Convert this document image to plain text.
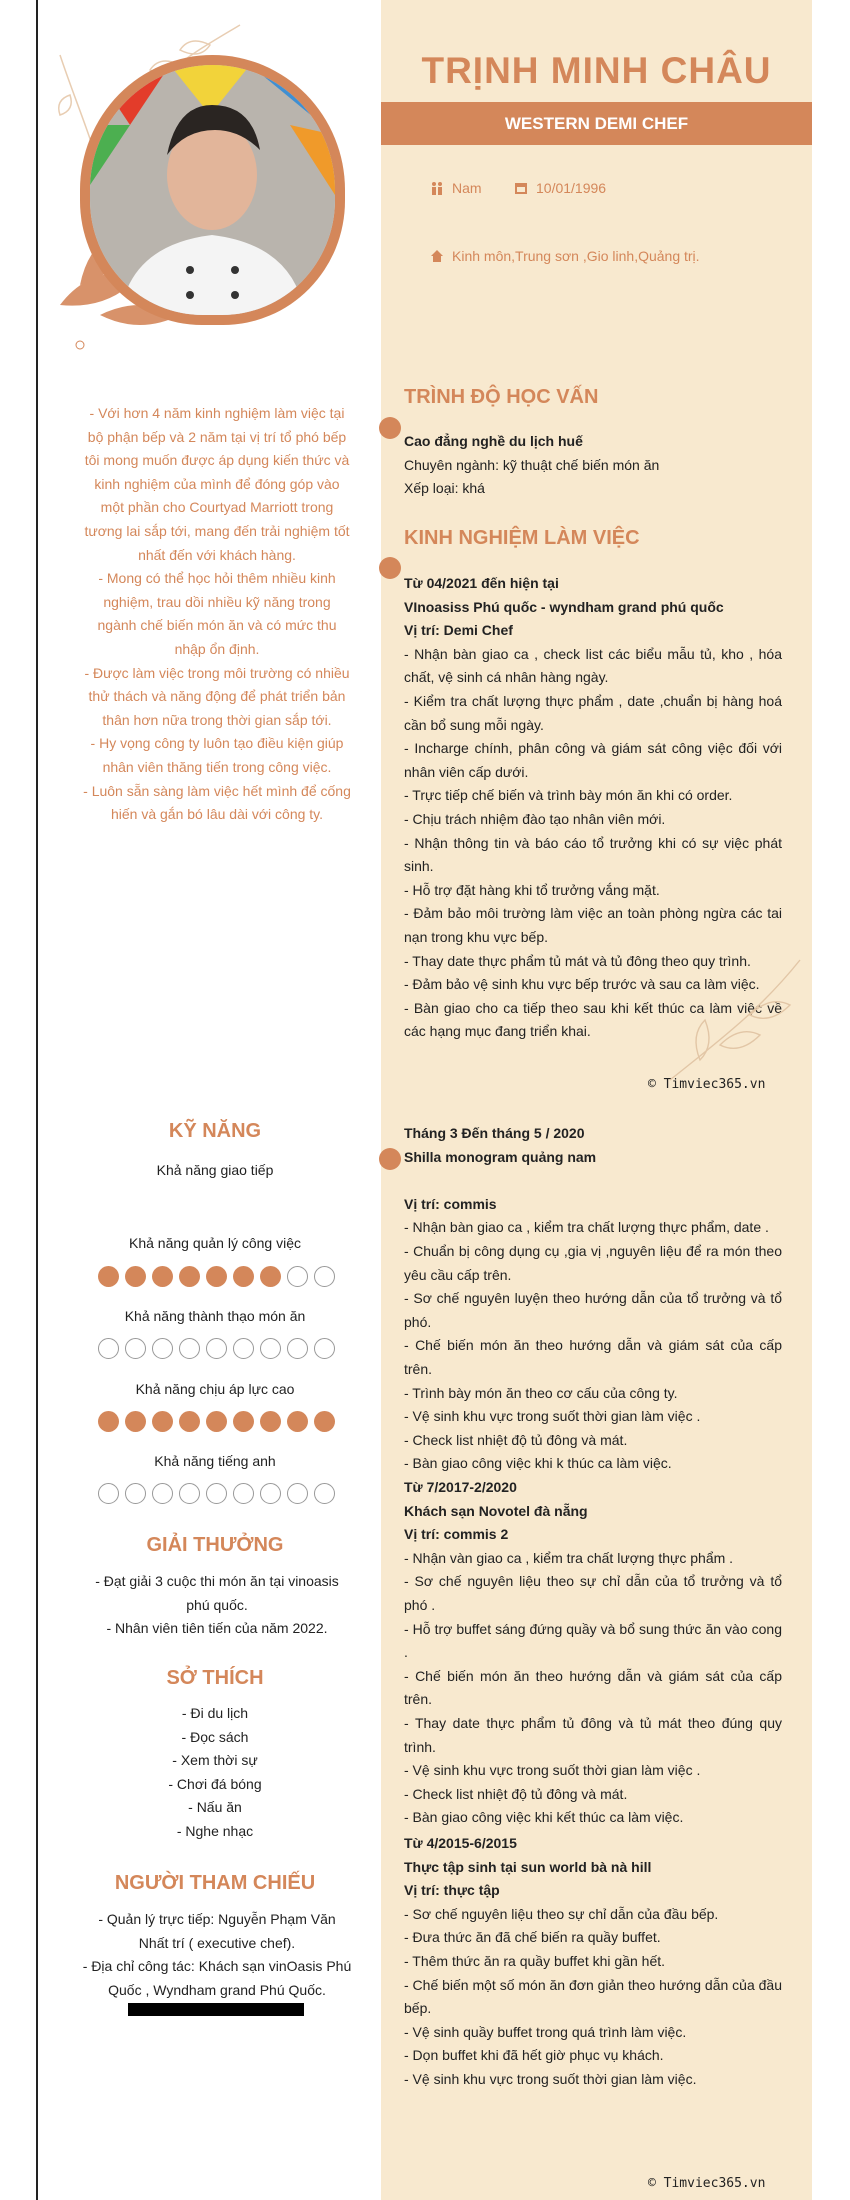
TRỊNH MINH CHÂU
WESTERN DEMI CHEF
Nam	10/01/1996
Kinh môn,Trung sơn ,Gio linh,Quảng trị.
- Với hơn 4 năm kinh nghiệm làm việc tại bộ phận bếp và 2 năm tại vị trí tổ phó bếp tôi mong muốn được áp dụng kiến thức và kinh nghiệm của mình để đóng góp vào một phần cho Courtyad Marriott trong tương lai sắp tới, mang đến trải nghiệm tốt nhất đến với khách hàng.
- Mong có thể học hỏi thêm nhiều kinh nghiệm, trau dồi nhiều kỹ năng trong ngành chế biến món ăn và có mức thu nhập ổn định.
- Được làm việc trong môi trường có nhiều thử thách và năng động để phát triển bản thân hơn nữa trong thời gian sắp tới.
- Hy vọng công ty luôn tạo điều kiện giúp nhân viên thăng tiến trong công việc.
- Luôn sẵn sàng làm việc hết mình để cống hiến và gắn bó lâu dài với công ty.
KỸ NĂNG
Khả năng giao tiếp
Khả năng quản lý công việc
Khả năng thành thạo món ăn
Khả năng chịu áp lực cao
Khả năng tiếng anh
GIẢI THƯỞNG
- Đạt giải 3 cuộc thi món ăn tại vinoasis phú quốc.
- Nhân viên tiên tiến của năm 2022.
SỞ THÍCH
- Đi du lịch
- Đọc sách
- Xem thời sự
- Chơi đá bóng
- Nấu ăn
- Nghe nhạc
NGƯỜI THAM CHIẾU
- Quản lý trực tiếp: Nguyễn Phạm Văn Nhất trí ( executive chef).
- Địa chỉ công tác: Khách sạn vinOasis Phú Quốc , Wyndham grand Phú Quốc.
TRÌNH ĐỘ HỌC VẤN
Cao đẳng nghề du lịch huế
Chuyên ngành: kỹ thuật chế biến món ăn
Xếp loại: khá
KINH NGHIỆM LÀM VIỆC
Từ 04/2021 đến hiện tại
VInoasiss Phú quốc - wyndham grand phú quốc
Vị trí: Demi Chef
- Nhận bàn giao ca , check list các biểu mẫu tủ, kho , hóa chất, vệ sinh cá nhân hàng ngày.
- Kiểm tra chất lượng thực phẩm , date ,chuẩn bị hàng hoá cần bổ sung mỗi ngày.
- Incharge chính, phân công và giám sát công việc đối với nhân viên cấp dưới.
- Trực tiếp chế biến và trình bày món ăn khi có order.
- Chịu trách nhiệm đào tạo nhân viên mới.
- Nhận thông tin và báo cáo tổ trưởng khi có sự việc phát sinh.
- Hỗ trợ đặt hàng khi tổ trưởng vắng mặt.
- Đảm bảo môi trường làm việc an toàn phòng ngừa các tai nạn trong khu vực bếp.
- Thay date thực phẩm tủ mát và tủ đông theo quy trình.
- Đảm bảo vệ sinh khu vực bếp trước và sau ca làm việc.
- Bàn giao cho ca tiếp theo sau khi kết thúc ca làm việc về các hạng mục đang triển khai.
© Timviec365.vn
Tháng 3 Đến tháng 5 / 2020
Shilla monogram quảng nam

Vị trí: commis
- Nhận bàn giao ca , kiểm tra chất lượng thực phẩm, date .
- Chuẩn bị công dụng cụ ,gia vị ,nguyên liệu để ra món theo yêu cầu cấp trên.
- Sơ chế nguyên luyện theo hướng dẫn của tổ trưởng và tổ phó.
- Chế biến món ăn theo hướng dẫn và giám sát của cấp trên.
- Trình bày món ăn theo cơ cấu của công ty.
- Vệ sinh khu vực trong suốt thời gian làm việc .
- Check list nhiệt độ tủ đông và mát.
- Bàn giao công việc khi k thúc ca làm việc.
Từ 7/2017-2/2020
Khách sạn Novotel đà nẵng
Vị trí: commis 2
- Nhận vàn giao ca , kiểm tra chất lượng thực phẩm .
- Sơ chế nguyên liệu theo sự chỉ dẫn của tổ trưởng và tổ phó .
- Hỗ trợ buffet sáng đứng quầy và bổ sung thức ăn vào cong .
- Chế biến món ăn theo hướng dẫn và giám sát của cấp trên.
- Thay date thực phẩm tủ đông và tủ mát theo đúng quy trình.
- Vệ sinh khu vực trong suốt thời gian làm việc .
- Check list nhiệt độ tủ đông và mát.
- Bàn giao công việc khi kết thúc ca làm việc.
Từ 4/2015-6/2015
Thực tập sinh tại sun world bà nà hill
Vị trí: thực tập
- Sơ chế nguyên liệu theo sự chỉ dẫn của đầu bếp.
- Đưa thức ăn đã chế biến ra quầy buffet.
- Thêm thức ăn ra quầy buffet khi gần hết.
- Chế biến một số món ăn đơn giản theo hướng dẫn của đầu bếp.
- Vệ sinh quầy buffet trong quá trình làm việc.
- Dọn buffet khi đã hết giờ phục vụ khách.
- Vệ sinh khu vực trong suốt thời gian làm việc.
© Timviec365.vn
